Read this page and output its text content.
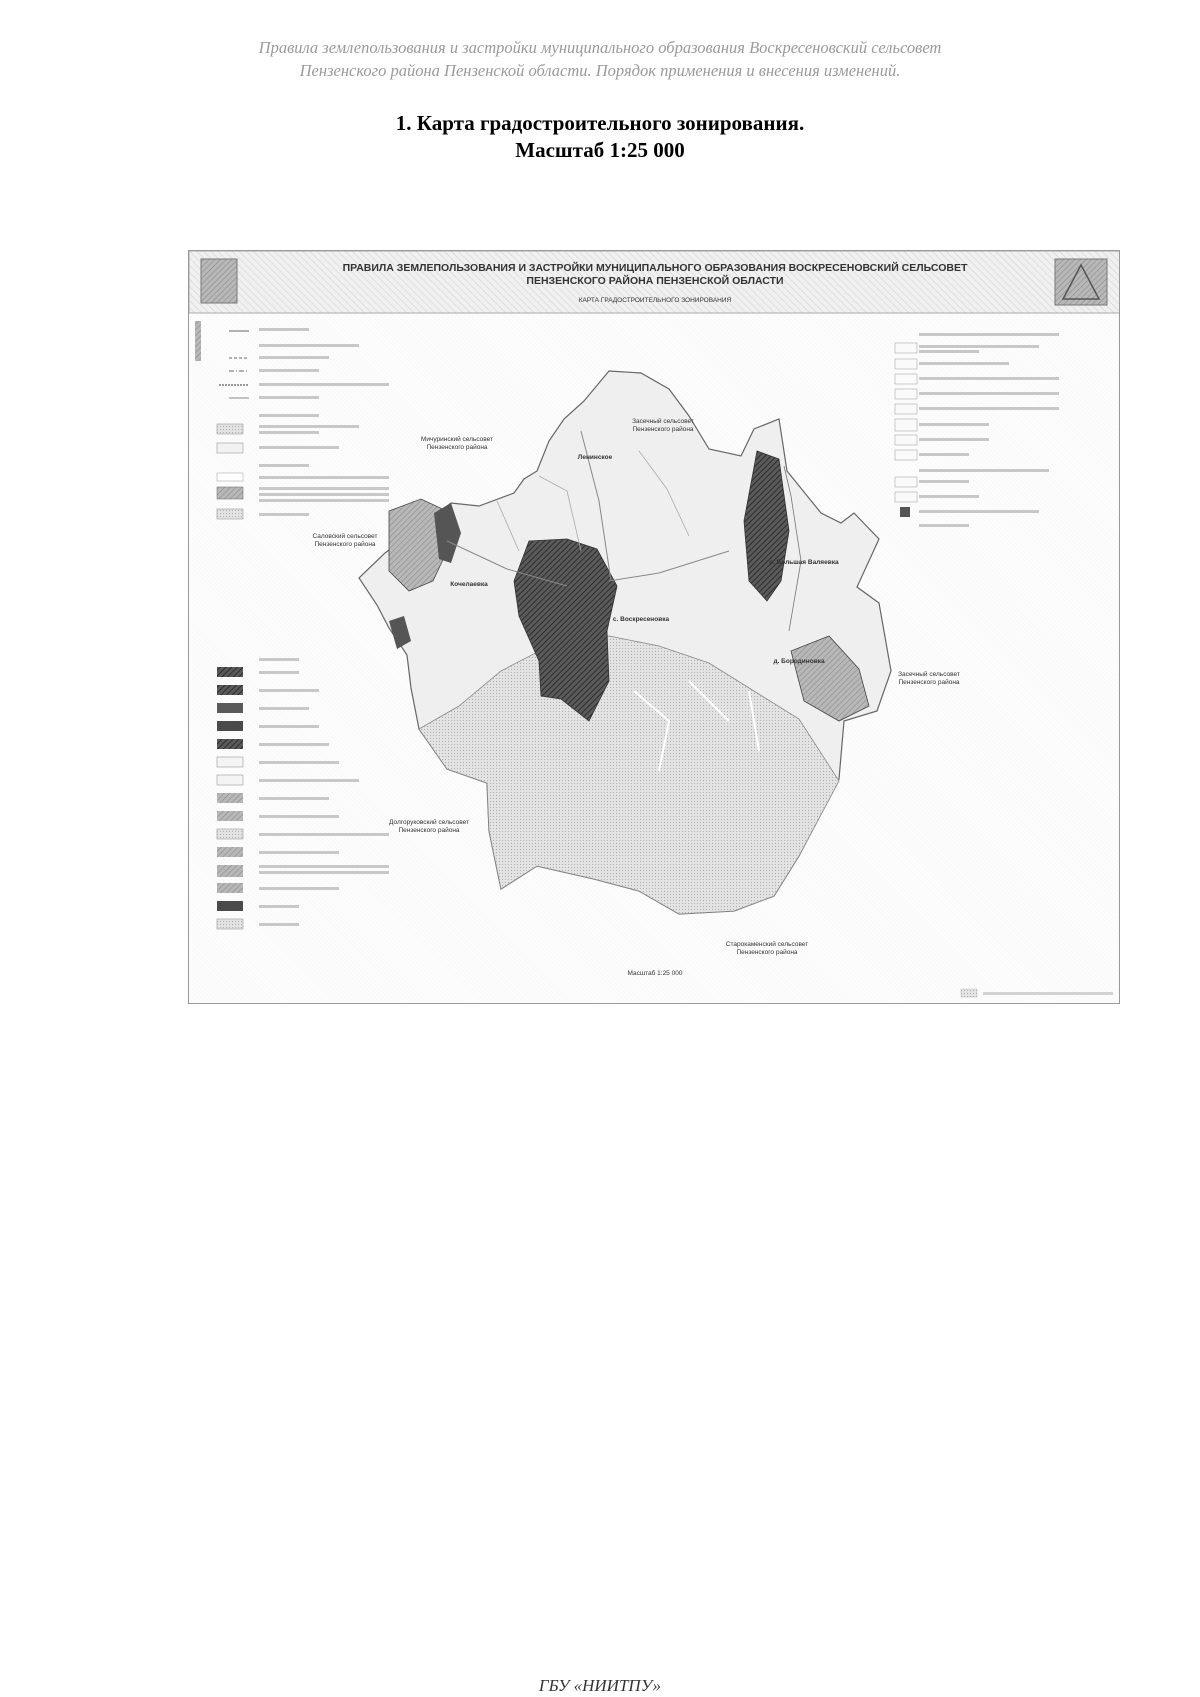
Правила землепользования и застройки муниципального образования Воскресеновский сельсовет
Пензенского района Пензенской области. Порядок применения и внесения изменений.
1. Карта градостроительного зонирования.
Масштаб 1:25 000
ПРАВИЛА ЗЕМЛЕПОЛЬЗОВАНИЯ И ЗАСТРОЙКИ МУНИЦИПАЛЬНОГО ОБРАЗОВАНИЯ ВОСКРЕСЕНОВСКИЙ СЕЛЬСОВЕТ
ПЕНЗЕНСКОГО РАЙОНА ПЕНЗЕНСКОЙ ОБЛАСТИ
КАРТА ГРАДОСТРОИТЕЛЬНОГО ЗОНИРОВАНИЯ
Мичуринский сельсовет
Пензенского района
Засечный сельсовет
Пензенского района
Саловский сельсовет
Пензенского района
Засечный сельсовет
Пензенского района
Долгоруковский сельсовет
Пензенского района
Старокаменский сельсовет
Пензенского района
Кочелаевка
с. Воскресеновка
с. Большая Валяевка
д. Бородиновка
Ленинское
Масштаб 1:25 000
ГБУ «НИИТПУ»
